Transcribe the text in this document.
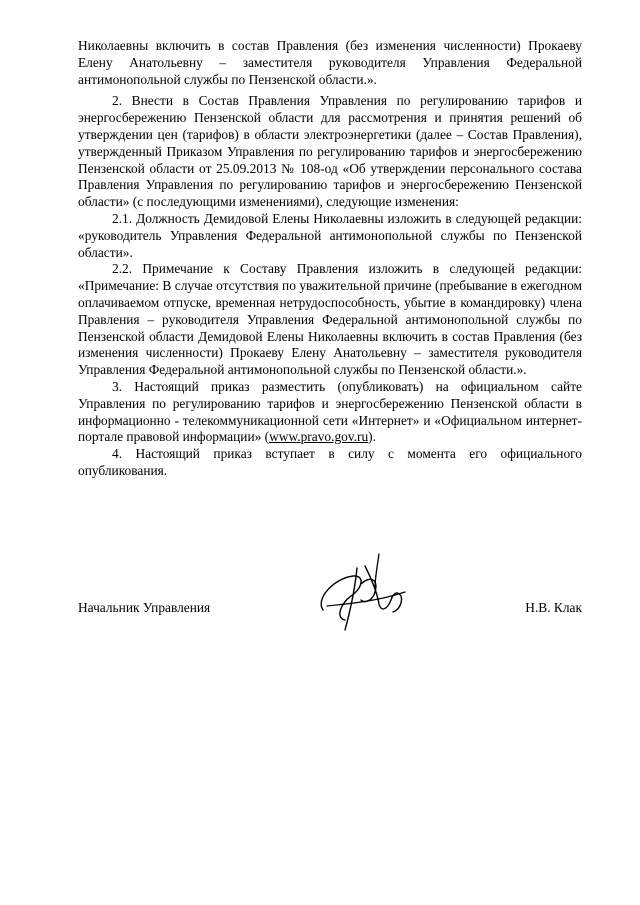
Николаевны включить в состав Правления (без изменения численности) Прокаеву Елену Анатольевну – заместителя руководителя Управления Федеральной антимонопольной службы по Пензенской области.».

2. Внести в Состав Правления Управления по регулированию тарифов и энергосбережению Пензенской области для рассмотрения и принятия решений об утверждении цен (тарифов) в области электроэнергетики (далее – Состав Правления), утвержденный Приказом Управления по регулированию тарифов и энергосбережению Пензенской области от 25.09.2013 № 108-од «Об утверждении персонального состава Правления Управления по регулированию тарифов и энергосбережению Пензенской области» (с последующими изменениями), следующие изменения:

2.1. Должность Демидовой Елены Николаевны изложить в следующей редакции: «руководитель Управления Федеральной антимонопольной службы по Пензенской области».

2.2. Примечание к Составу Правления изложить в следующей редакции: «Примечание: В случае отсутствия по уважительной причине (пребывание в ежегодном оплачиваемом отпуске, временная нетрудоспособность, убытие в командировку) члена Правления – руководителя Управления Федеральной антимонопольной службы по Пензенской области Демидовой Елены Николаевны включить в состав Правления (без изменения численности) Прокаеву Елену Анатольевну – заместителя руководителя Управления Федеральной антимонопольной службы по Пензенской области.».

3. Настоящий приказ разместить (опубликовать) на официальном сайте Управления по регулированию тарифов и энергосбережению Пензенской области в информационно - телекоммуникационной сети «Интернет» и «Официальном интернет-портале правовой информации» (www.pravo.gov.ru).

4. Настоящий приказ вступает в силу с момента его официального опубликования.

Начальник Управления	Н.В. Клак
